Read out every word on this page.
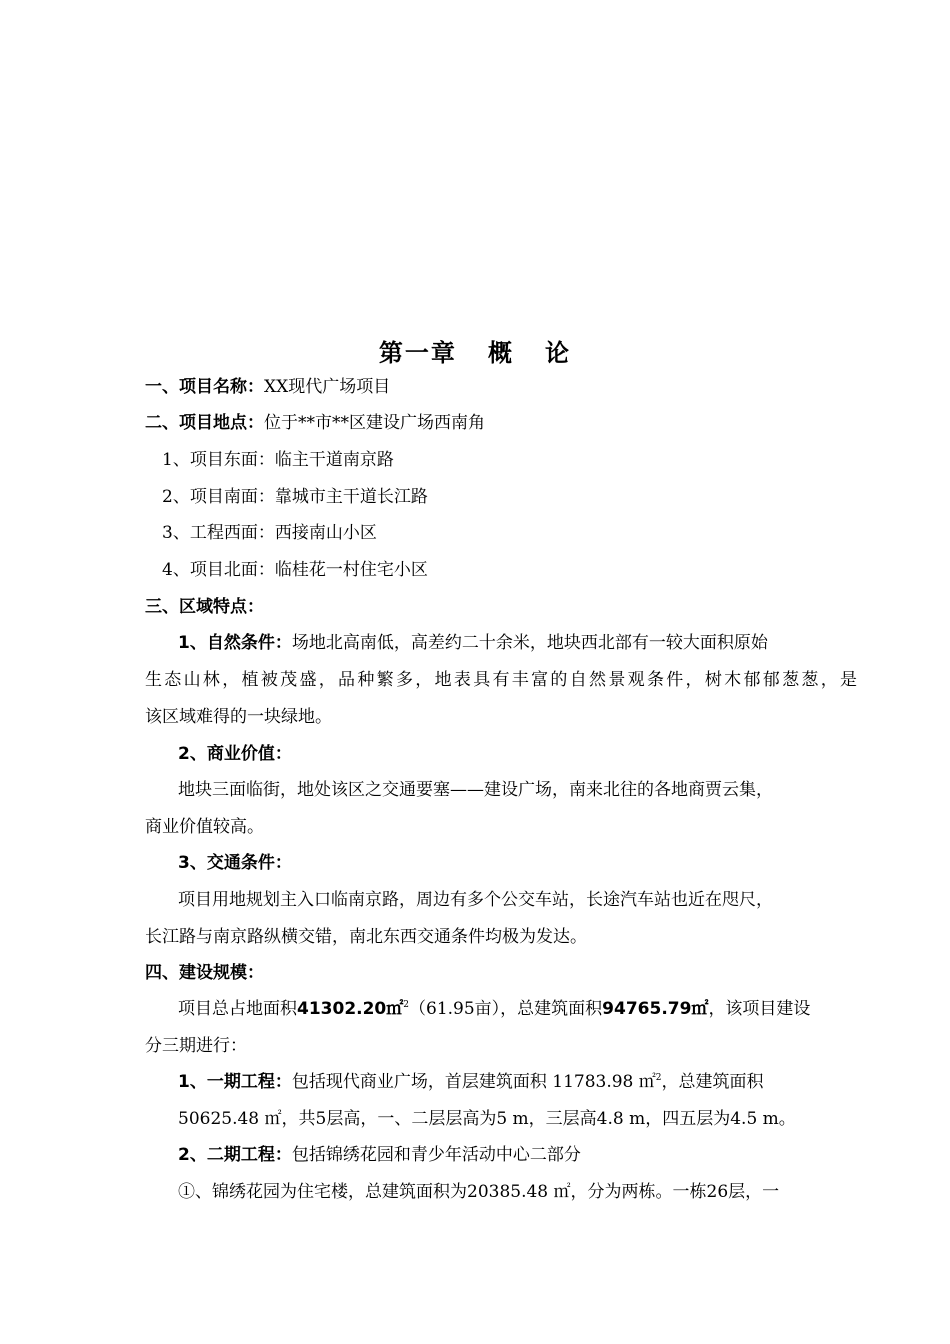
第一章   概   论
一、项目名称：XX现代广场项目
二、项目地点：位于**市**区建设广场西南角
1、项目东面：临主干道南京路
2、项目南面：靠城市主干道长江路
3、工程西面：西接南山小区
4、项目北面：临桂花一村住宅小区
三、区域特点：
1、自然条件：场地北高南低，高差约二十余米，地块西北部有一较大面积原始
生态山林，植被茂盛，品种繁多，地表具有丰富的自然景观条件，树木郁郁葱葱，是
该区域难得的一块绿地。
2、商业价值：
地块三面临街，地处该区之交通要塞——建设广场，南来北往的各地商贾云集，
商业价值较高。
3、交通条件：
项目用地规划主入口临南京路，周边有多个公交车站，长途汽车站也近在咫尺，
长江路与南京路纵横交错，南北东西交通条件均极为发达。
四、建设规模：
项目总占地面积41302.20㎡$^2$（61.95亩），总建筑面积94765.79㎡，该项目建设
分三期进行：
1、一期工程：包括现代商业广场，首层建筑面积 11783.98 ㎡$^2$，总建筑面积
50625.48 ㎡，共5层高，一、二层层高为5 m，三层高4.8 m，四五层为4.5 m。
2、二期工程：包括锦绣花园和青少年活动中心二部分
①、锦绣花园为住宅楼，总建筑面积为20385.48 ㎡，分为两栋。一栋26层，一
